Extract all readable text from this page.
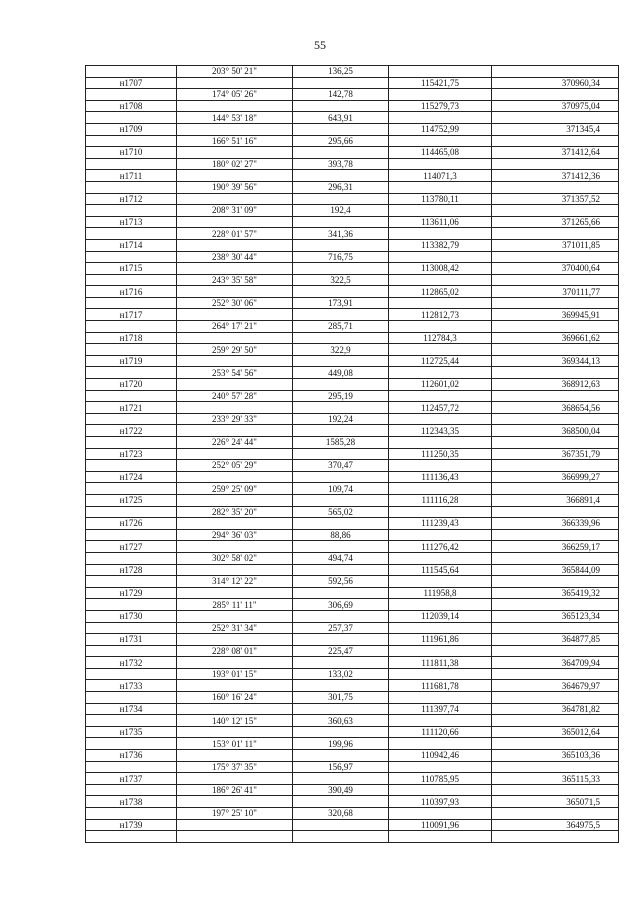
55
	203° 50' 21"	136,25		
н1707			115421,75	370960,34
	174° 05' 26"	142,78		
н1708			115279,73	370975,04
	144° 53' 18"	643,91		
н1709			114752,99	371345,4
	166° 51' 16"	295,66		
н1710			114465,08	371412,64
	180° 02' 27"	393,78		
н1711			114071,3	371412,36
	190° 39' 56"	296,31		
н1712			113780,11	371357,52
	208° 31' 09"	192,4		
н1713			113611,06	371265,66
	228° 01' 57"	341,36		
н1714			113382,79	371011,85
	238° 30' 44"	716,75		
н1715			113008,42	370400,64
	243° 35' 58"	322,5		
н1716			112865,02	370111,77
	252° 30' 06"	173,91		
н1717			112812,73	369945,91
	264° 17' 21"	285,71		
н1718			112784,3	369661,62
	259° 29' 50"	322,9		
н1719			112725,44	369344,13
	253° 54' 56"	449,08		
н1720			112601,02	368912,63
	240° 57' 28"	295,19		
н1721			112457,72	368654,56
	233° 29' 33"	192,24		
н1722			112343,35	368500,04
	226° 24' 44"	1585,28		
н1723			111250,35	367351,79
	252° 05' 29"	370,47		
н1724			111136,43	366999,27
	259° 25' 09"	109,74		
н1725			111116,28	366891,4
	282° 35' 20"	565,02		
н1726			111239,43	366339,96
	294° 36' 03"	88,86		
н1727			111276,42	366259,17
	302° 58' 02"	494,74		
н1728			111545,64	365844,09
	314° 12' 22"	592,56		
н1729			111958,8	365419,32
	285° 11' 11"	306,69		
н1730			112039,14	365123,34
	252° 31' 34"	257,37		
н1731			111961,86	364877,85
	228° 08' 01"	225,47		
н1732			111811,38	364709,94
	193° 01' 15"	133,02		
н1733			111681,78	364679,97
	160° 16' 24"	301,75		
н1734			111397,74	364781,82
	140° 12' 15"	360,63		
н1735			111120,66	365012,64
	153° 01' 11"	199,96		
н1736			110942,46	365103,36
	175° 37' 35"	156,97		
н1737			110785,95	365115,33
	186° 26' 41"	390,49		
н1738			110397,93	365071,5
	197° 25' 10"	320,68		
н1739			110091,96	364975,5
